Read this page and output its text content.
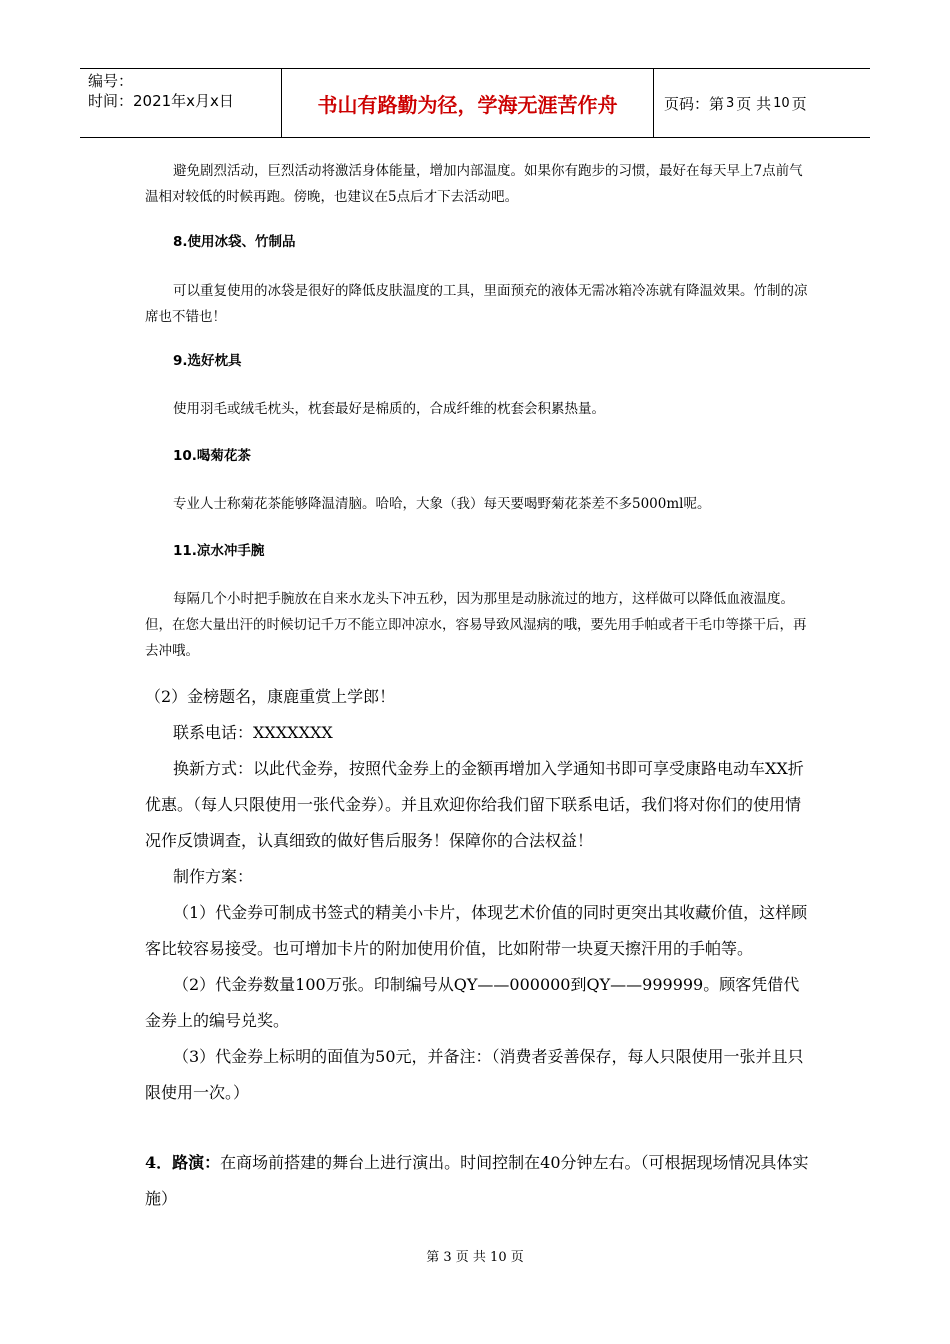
编号：
时间：2021年x月x日	书山有路勤为径，学海无涯苦作舟	页码：第 3 页 共 10 页
避免剧烈活动，巨烈活动将激活身体能量，增加内部温度。如果你有跑步的习惯，最好在每天早上7点前气温相对较低的时候再跑。傍晚，也建议在5点后才下去活动吧。
8.使用冰袋、竹制品
可以重复使用的冰袋是很好的降低皮肤温度的工具，里面预充的液体无需冰箱冷冻就有降温效果。竹制的凉席也不错也！
9.选好枕具
使用羽毛或绒毛枕头，枕套最好是棉质的，合成纤维的枕套会积累热量。
10.喝菊花茶
专业人士称菊花茶能够降温清脑。哈哈，大象（我）每天要喝野菊花茶差不多5000ml呢。
11.凉水冲手腕
每隔几个小时把手腕放在自来水龙头下冲五秒，因为那里是动脉流过的地方，这样做可以降低血液温度。但，在您大量出汗的时候切记千万不能立即冲凉水，容易导致风湿病的哦，要先用手帕或者干毛巾等搽干后，再去冲哦。
（2）金榜题名，康鹿重赏上学郎！
联系电话：XXXXXXX
换新方式：以此代金券，按照代金券上的金额再增加入学通知书即可享受康路电动车XX折优惠。（每人只限使用一张代金券）。并且欢迎你给我们留下联系电话，我们将对你们的使用情况作反馈调查，认真细致的做好售后服务！保障你的合法权益！
制作方案：
（1）代金券可制成书签式的精美小卡片，体现艺术价值的同时更突出其收藏价值，这样顾客比较容易接受。也可增加卡片的附加使用价值，比如附带一块夏天擦汗用的手帕等。
（2）代金券数量100万张。印制编号从QY——000000到QY——999999。顾客凭借代金券上的编号兑奖。
（3）代金券上标明的面值为50元，并备注：（消费者妥善保存，每人只限使用一张并且只限使用一次。）
4．路演：在商场前搭建的舞台上进行演出。时间控制在40分钟左右。（可根据现场情况具体实施）
第 3 页 共 10 页
